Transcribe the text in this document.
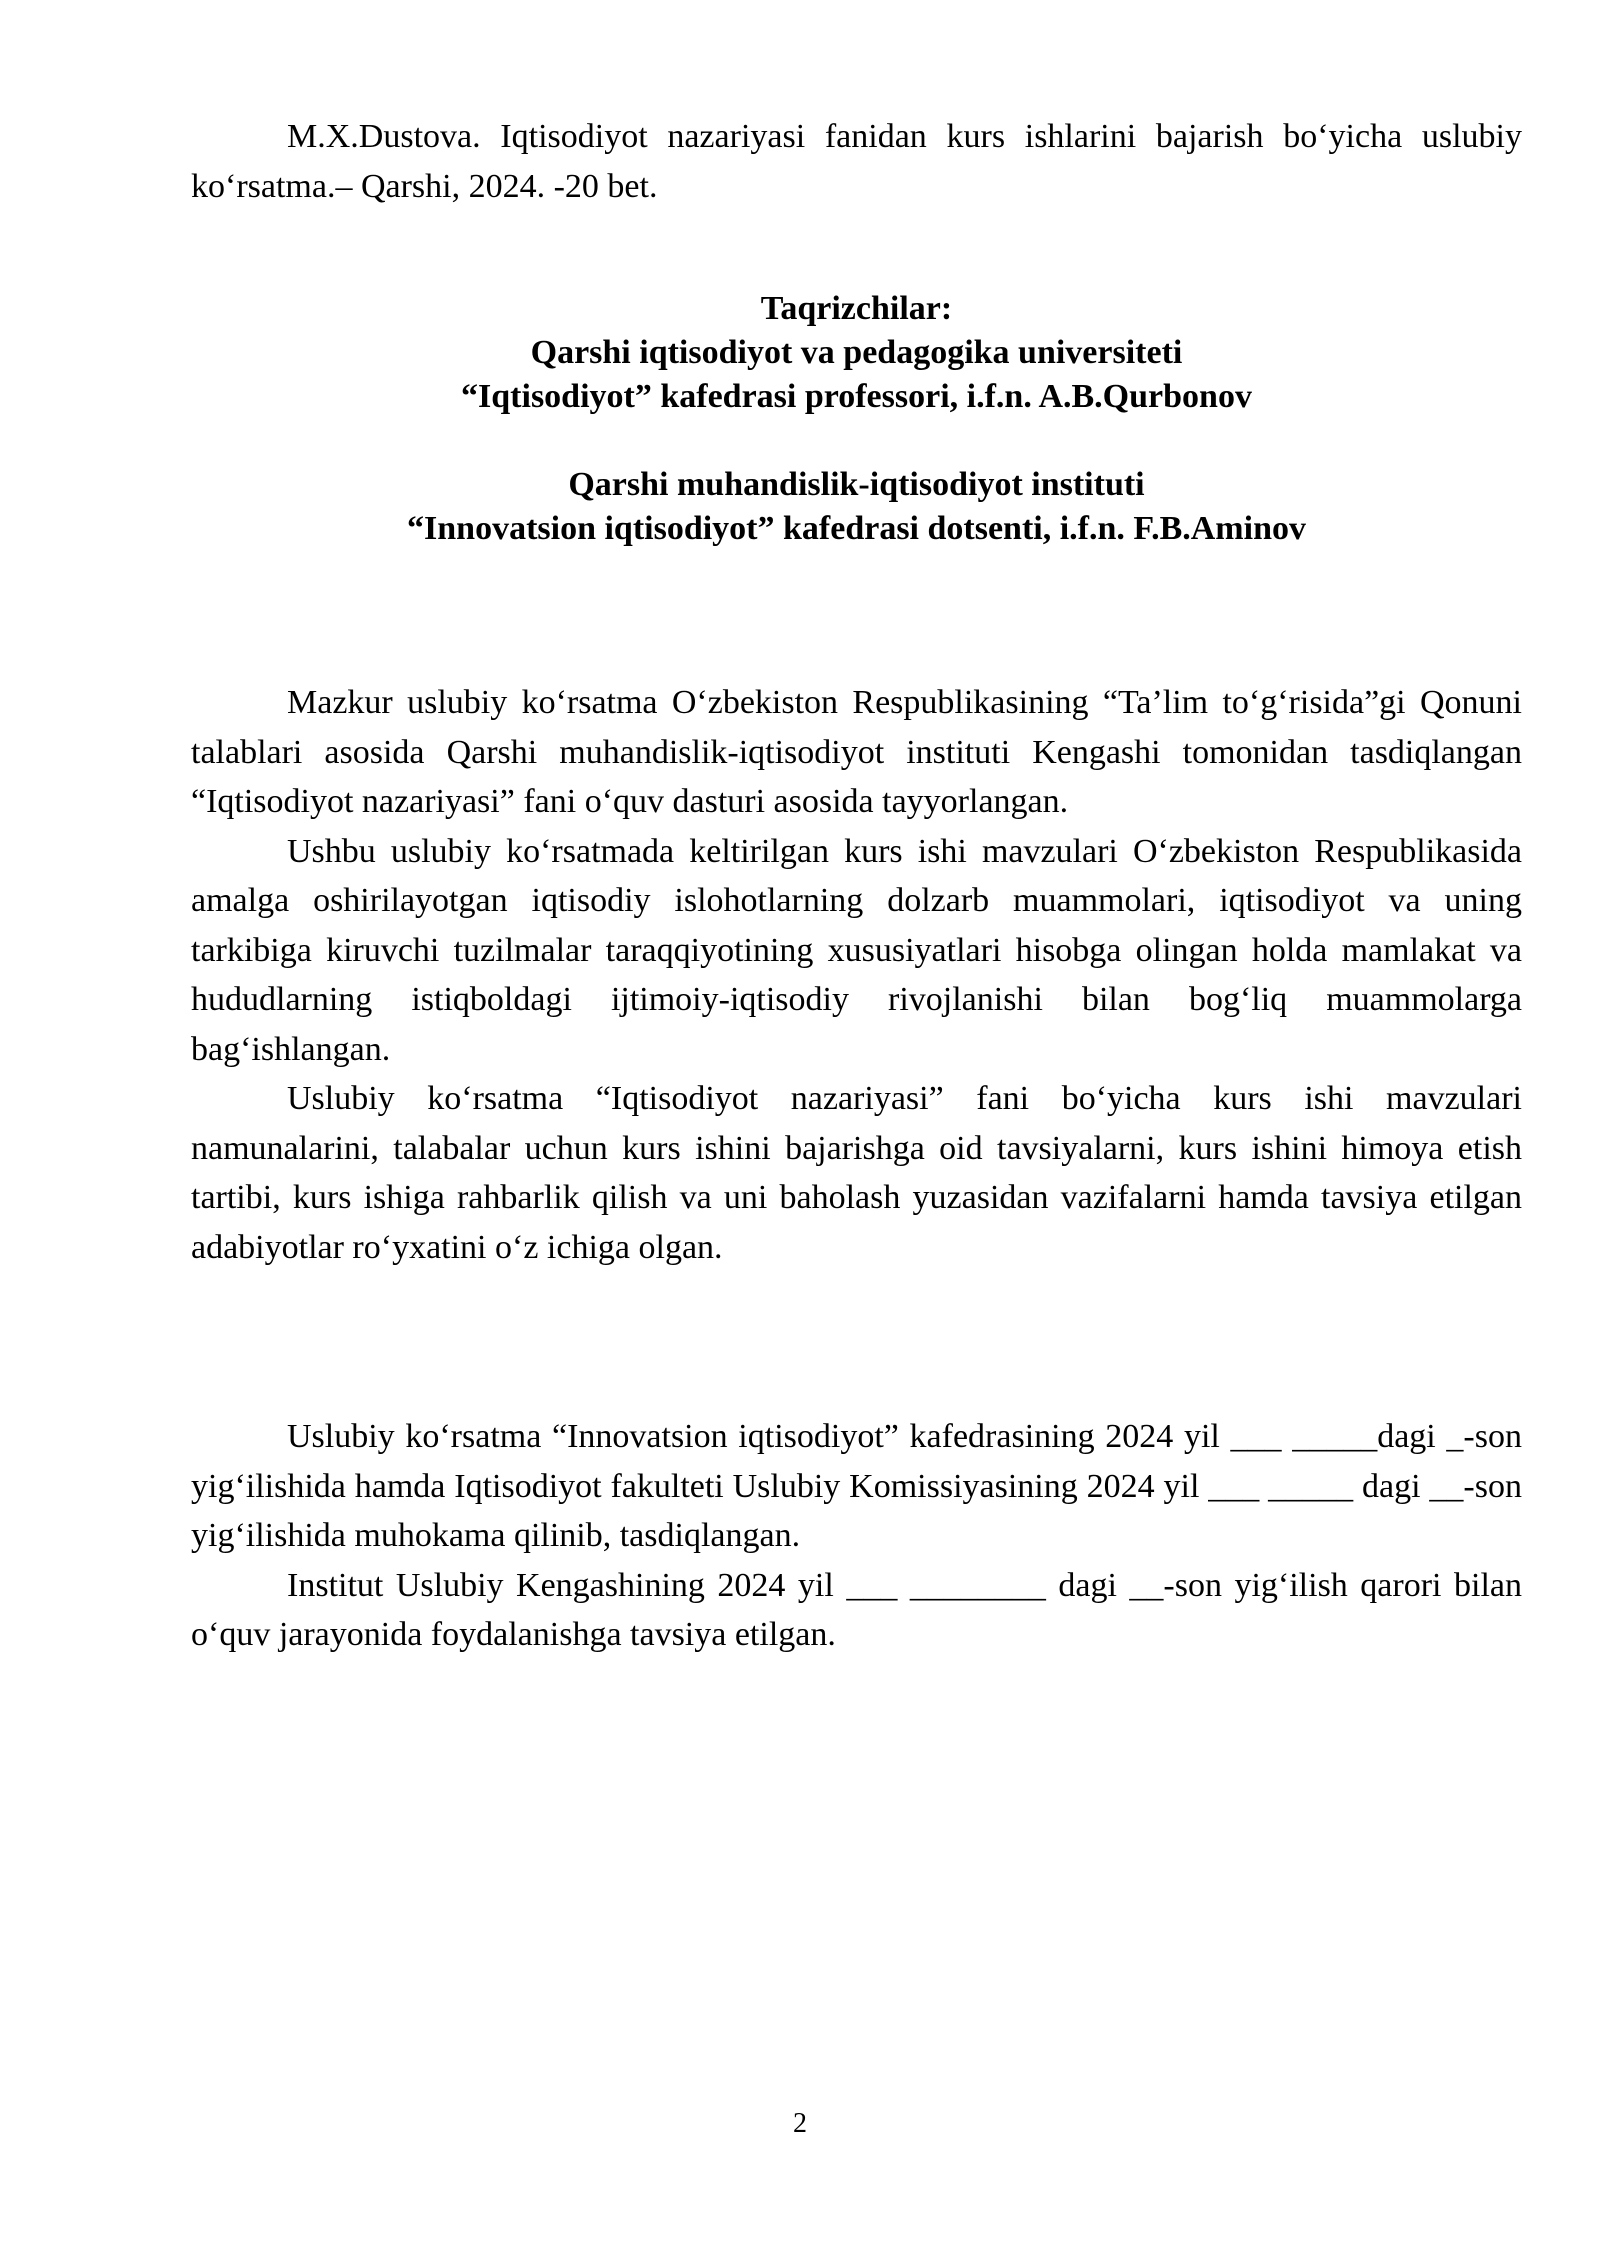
M.X.Dustova. Iqtisodiyot nazariyasi fanidan kurs ishlarini bajarish bo‘yicha uslubiy ko‘rsatma.– Qarshi, 2024. -20 bet.

Taqrizchilar:
Qarshi iqtisodiyot va pedagogika universiteti
“Iqtisodiyot” kafedrasi professori, i.f.n. A.B.Qurbonov
Qarshi muhandislik-iqtisodiyot instituti
“Innovatsion iqtisodiyot” kafedrasi dotsenti, i.f.n. F.B.Aminov

Mazkur uslubiy ko‘rsatma O‘zbekiston Respublikasining “Ta’lim to‘g‘risida”gi Qonuni talablari asosida Qarshi muhandislik-iqtisodiyot instituti Kengashi tomonidan tasdiqlangan “Iqtisodiyot nazariyasi” fani o‘quv dasturi asosida tayyorlangan.

Ushbu uslubiy ko‘rsatmada keltirilgan kurs ishi mavzulari O‘zbekiston Respublikasida amalga oshirilayotgan iqtisodiy islohotlarning dolzarb muammolari, iqtisodiyot va uning tarkibiga kiruvchi tuzilmalar taraqqiyotining xususiyatlari hisobga olingan holda mamlakat va hududlarning istiqboldagi ijtimoiy-iqtisodiy rivojlanishi bilan bog‘liq muammolarga bag‘ishlangan.

Uslubiy ko‘rsatma “Iqtisodiyot nazariyasi” fani bo‘yicha kurs ishi mavzulari namunalarini, talabalar uchun kurs ishini bajarishga oid tavsiyalarni, kurs ishini himoya etish tartibi, kurs ishiga rahbarlik qilish va uni baholash yuzasidan vazifalarni hamda tavsiya etilgan adabiyotlar ro‘yxatini o‘z ichiga olgan.

Uslubiy ko‘rsatma “Innovatsion iqtisodiyot” kafedrasining 2024 yil ___ _____dagi _-son yig‘ilishida hamda Iqtisodiyot fakulteti Uslubiy Komissiyasining 2024 yil ___ _____ dagi __-son yig‘ilishida muhokama qilinib, tasdiqlangan.

Institut Uslubiy Kengashining 2024 yil ___ ________ dagi __-son yig‘ilish qarori bilan o‘quv jarayonida foydalanishga tavsiya etilgan.

2
